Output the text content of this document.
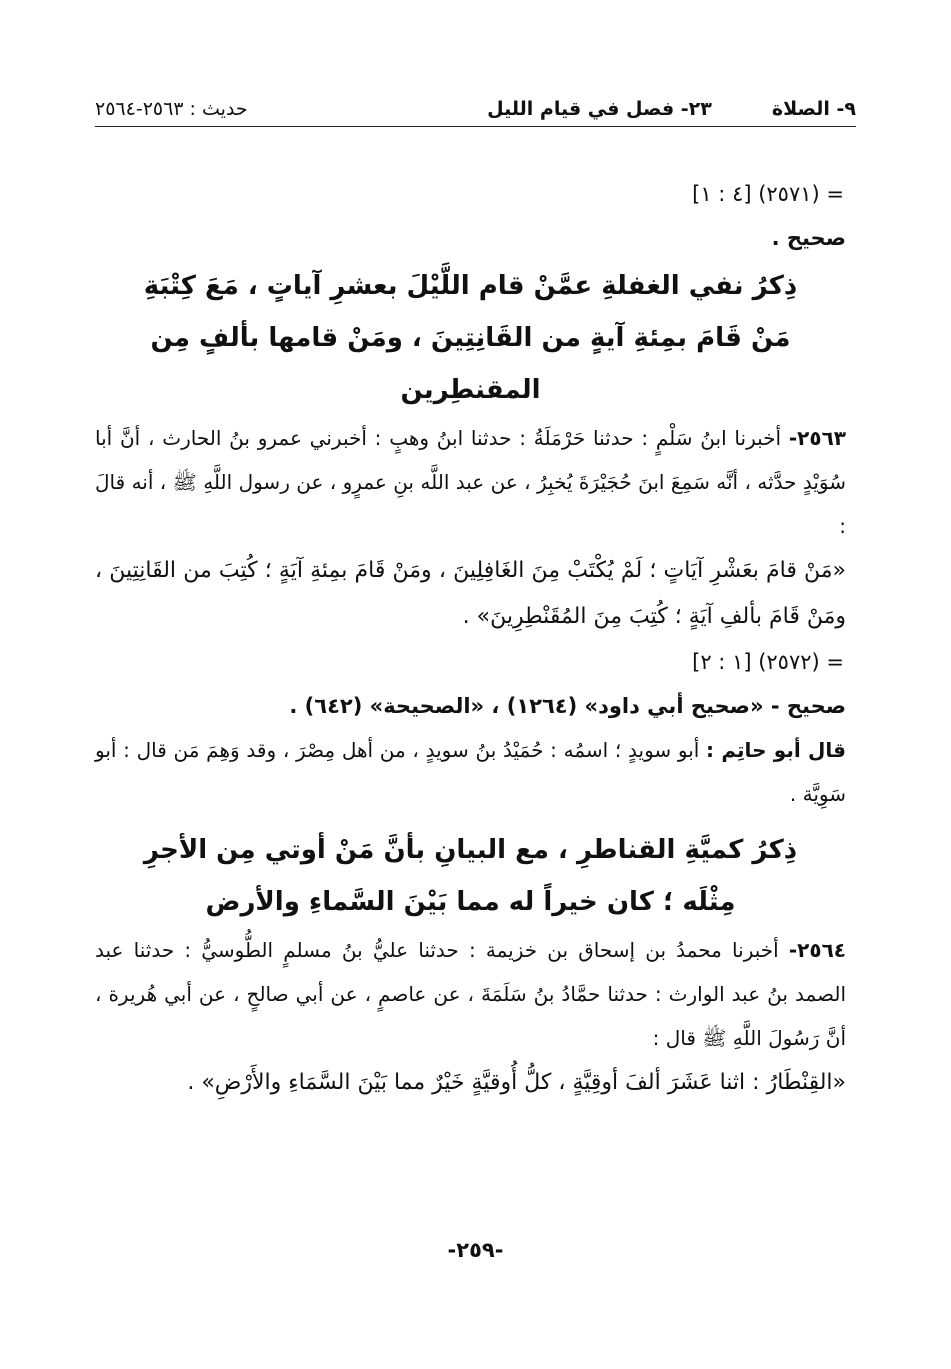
٩- الصلاة
٢٣- فصل في قيام الليل
حديث : ٢٥٦٣-٢٥٦٤

= (٢٥٧١) [٤ : ١]

صحيح .

ذِكرُ نفي الغفلةِ عمَّنْ قام اللَّيْلَ بعشرِ آياتٍ ، مَعَ كِتْبَةِ مَنْ قَامَ بمِئةِ آيةٍ من القَانِتِينَ ، ومَنْ قامها بألفٍ مِن المقنطِرين

٢٥٦٣- أخبرنا ابنُ سَلْمٍ : حدثنا حَرْمَلَةُ : حدثنا ابنُ وهبٍ : أخبرني عمرو بنُ الحارث ، أنَّ أبا سُوَيْدٍ حدَّثه ، أنَّه سَمِعَ ابنَ حُجَيْرَةَ يُخبِرُ ، عن عبد اللَّه بنِ عمرٍو ، عن رسول اللَّهِ ﷺ ، أنه قالَ :

«مَنْ قامَ بعَشْرِ آيَاتٍ ؛ لَمْ يُكْتَبْ مِنَ الغَافِلِينَ ، ومَنْ قَامَ بمِئةِ آيَةٍ ؛ كُتِبَ من القَانِتِينَ ، ومَنْ قَامَ بألفِ آيَةٍ ؛ كُتِبَ مِنَ المُقَنْطِرِينَ» .

= (٢٥٧٢) [١ : ٢]

صحيح - «صحيح أبي داود» (١٢٦٤) ، «الصحيحة» (٦٤٢) .

قال أبو حاتِم : أبو سويدٍ ؛ اسمُه : حُمَيْدُ بنُ سويدٍ ، من أهل مِصْرَ ، وقد وَهِمَ مَن قال : أبو سَوِيَّة .

ذِكرُ كميَّةِ القناطرِ ، مع البيانِ بأنَّ مَنْ أوتي مِن الأجرِ مِثْلَه ؛ كان خيراً له مما بَيْنَ السَّماءِ والأرض

٢٥٦٤- أخبرنا محمدُ بن إسحاق بن خزيمة : حدثنا عليُّ بنُ مسلمٍ الطُّوسيُّ : حدثنا عبد الصمد بنُ عبد الوارث : حدثنا حمَّادُ بنُ سَلَمَةَ ، عن عاصمٍ ، عن أبي صالحٍ ، عن أبي هُريرة ، أنَّ رَسُولَ اللَّهِ ﷺ قال :

«القِنْطَارُ : اثنا عَشَرَ ألفَ أوقِيَّةٍ ، كلُّ أُوقيَّةٍ خَيْرٌ مما بَيْنَ السَّمَاءِ والأَرْضِ» .

-٢٥٩-
